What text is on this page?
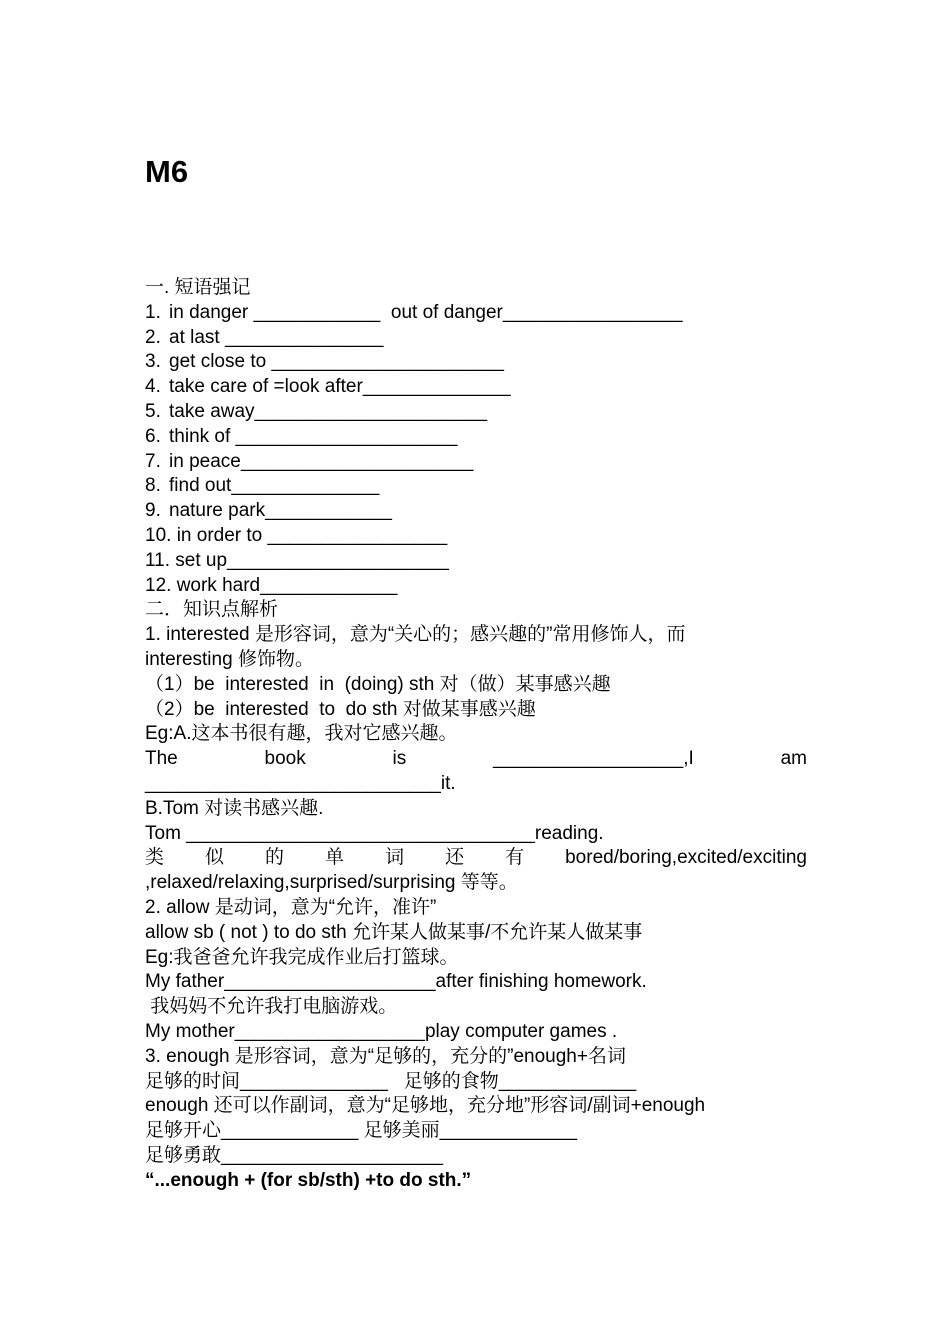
M6
一. 短语强记
1. in danger ____________  out of danger_________________
2. at last _______________
3. get close to ______________________
4. take care of =look after______________
5. take away______________________
6. think of _____________________
7. in peace______________________
8. find out______________
9. nature park____________
10. in order to _________________
11. set up_____________________
12. work hard_____________
二．知识点解析
1. interested 是形容词，意为“关心的；感兴趣的”常用修饰人，而
interesting 修饰物。
（1）be  interested  in  (doing) sth 对（做）某事感兴趣
（2）be  interested  to  do sth 对做某事感兴趣
Eg:A.这本书很有趣，我对它感兴趣。
The	book	is	__________________,I	am
____________________________it.
B.Tom 对读书感兴趣.
Tom _________________________________reading.
类 似 的 单 词 还 有 bored/boring,excited/exciting
,relaxed/relaxing,surprised/surprising 等等。
2. allow 是动词，意为“允许，准许”
allow sb ( not ) to do sth 允许某人做某事/不允许某人做某事
Eg:我爸爸允许我完成作业后打篮球。
My father____________________after finishing homework.
我妈妈不允许我打电脑游戏。
My mother__________________play computer games .
3. enough 是形容词，意为“足够的，充分的”enough+名词
足够的时间______________   足够的食物_____________
enough 还可以作副词，意为“足够地，充分地”形容词/副词+enough
足够开心_____________ 足够美丽_____________
足够勇敢_____________________
“...enough + (for sb/sth) +to do sth.”
